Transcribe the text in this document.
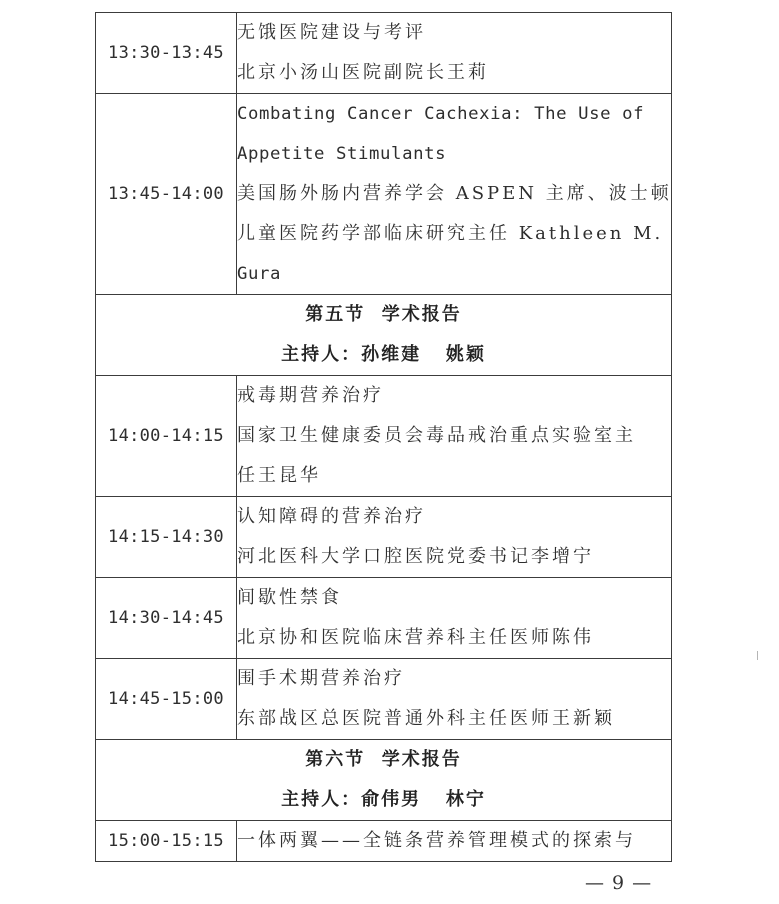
13:30-13:45	无饿医院建设与考评
北京小汤山医院副院长王莉

13:45-14:00	Combating Cancer Cachexia: The Use of
Appetite Stimulants
美国肠外肠内营养学会 ASPEN 主席、波士顿
儿童医院药学部临床研究主任 Kathleen M.
Gura

第五节  学术报告
主持人：孙维建   姚颖	

14:00-14:15	戒毒期营养治疗
国家卫生健康委员会毒品戒治重点实验室主
任王昆华

14:15-14:30	认知障碍的营养治疗
河北医科大学口腔医院党委书记李增宁

14:30-14:45	间歇性禁食
北京协和医院临床营养科主任医师陈伟

14:45-15:00	围手术期营养治疗
东部战区总医院普通外科主任医师王新颖

第六节  学术报告
主持人：俞伟男   林宁	

15:00-15:15	一体两翼——全链条营养管理模式的探索与
— 9 —
